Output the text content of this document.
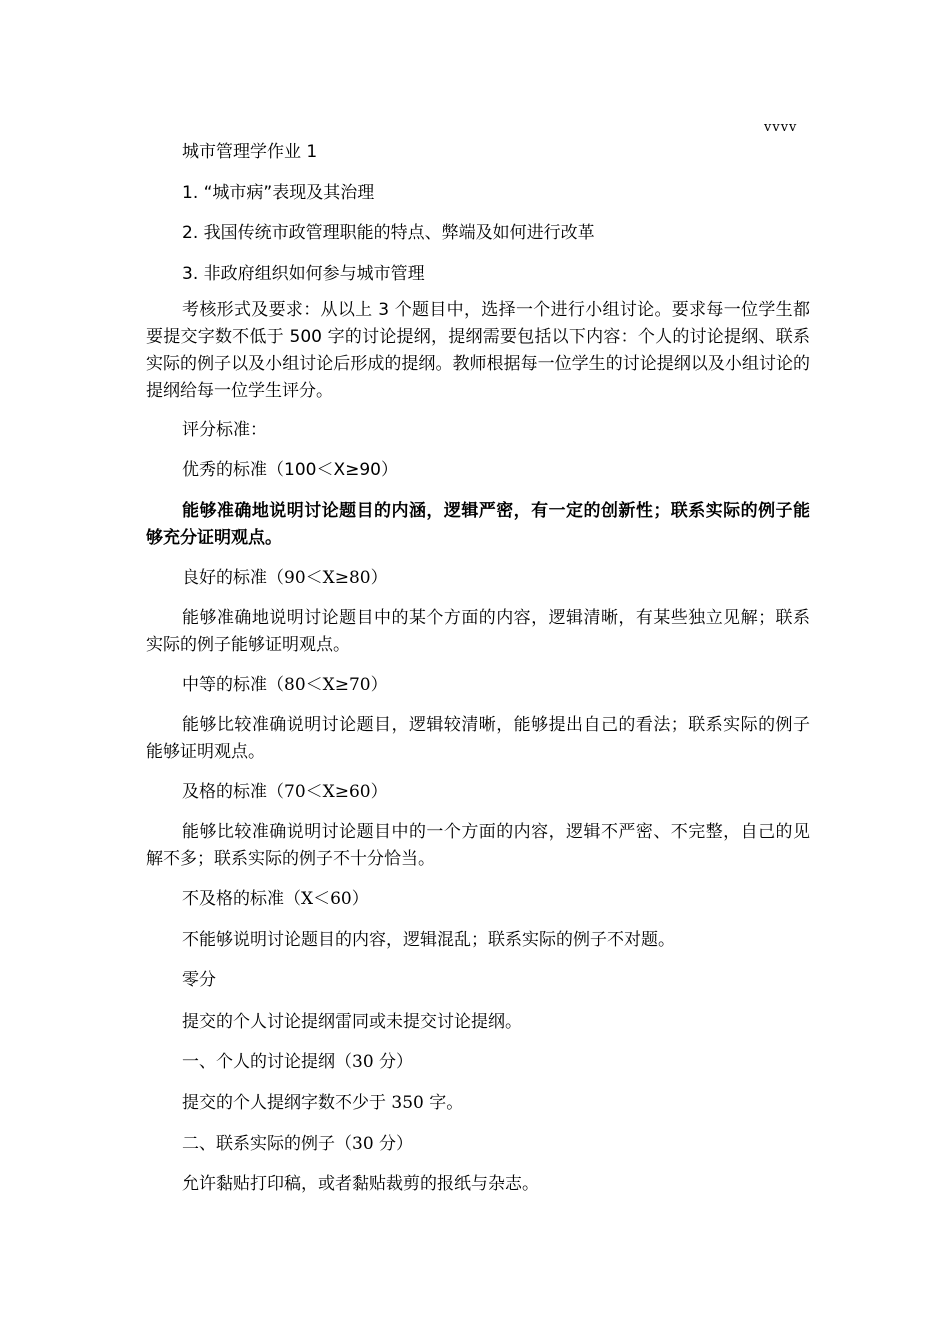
vvvv
城市管理学作业 1
1. “城市病”表现及其治理
2. 我国传统市政管理职能的特点、弊端及如何进行改革
3. 非政府组织如何参与城市管理
考核形式及要求：从以上 3 个题目中，选择一个进行小组讨论。要求每一位学生都要提交字数不低于 500 字的讨论提纲，提纲需要包括以下内容：个人的讨论提纲、联系实际的例子以及小组讨论后形成的提纲。教师根据每一位学生的讨论提纲以及小组讨论的提纲给每一位学生评分。
评分标准：
优秀的标准（100＜X≥90）
能够准确地说明讨论题目的内涵，逻辑严密，有一定的创新性；联系实际的例子能够充分证明观点。
良好的标准（90＜X≥80）
能够准确地说明讨论题目中的某个方面的内容，逻辑清晰，有某些独立见解；联系实际的例子能够证明观点。
中等的标准（80＜X≥70）
能够比较准确说明讨论题目，逻辑较清晰，能够提出自己的看法；联系实际的例子能够证明观点。
及格的标准（70＜X≥60）
能够比较准确说明讨论题目中的一个方面的内容，逻辑不严密、不完整，自己的见解不多；联系实际的例子不十分恰当。
不及格的标准（X＜60）
不能够说明讨论题目的内容，逻辑混乱；联系实际的例子不对题。
零分
提交的个人讨论提纲雷同或未提交讨论提纲。
一、个人的讨论提纲（30 分）
提交的个人提纲字数不少于 350 字。
二、联系实际的例子（30 分）
允许黏贴打印稿，或者黏贴裁剪的报纸与杂志。
